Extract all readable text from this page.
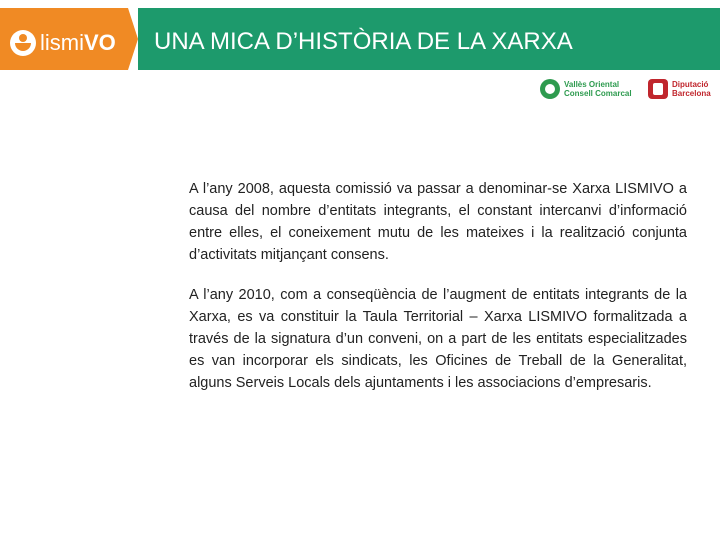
lismiVO UNA MICA D’HISTÒRIA DE LA XARXA
Vallès Oriental
Consell Comarcal
Diputació
Barcelona

A l’any 2008, aquesta comissió va passar a denominar-se Xarxa LISMIVO a causa del nombre d’entitats integrants, el constant intercanvi d’informació entre elles, el coneixement mutu de les mateixes i la realització conjunta d’activitats mitjançant consens.

A l’any 2010, com a conseqüència de l’augment de entitats integrants de la Xarxa, es va constituir la Taula Territorial – Xarxa LISMIVO formalitzada a través de la signatura d’un conveni, on a part de les entitats especialitzades es van incorporar els sindicats, les Oficines de Treball de la Generalitat, alguns Serveis Locals dels ajuntaments i les associacions d’empresaris.
